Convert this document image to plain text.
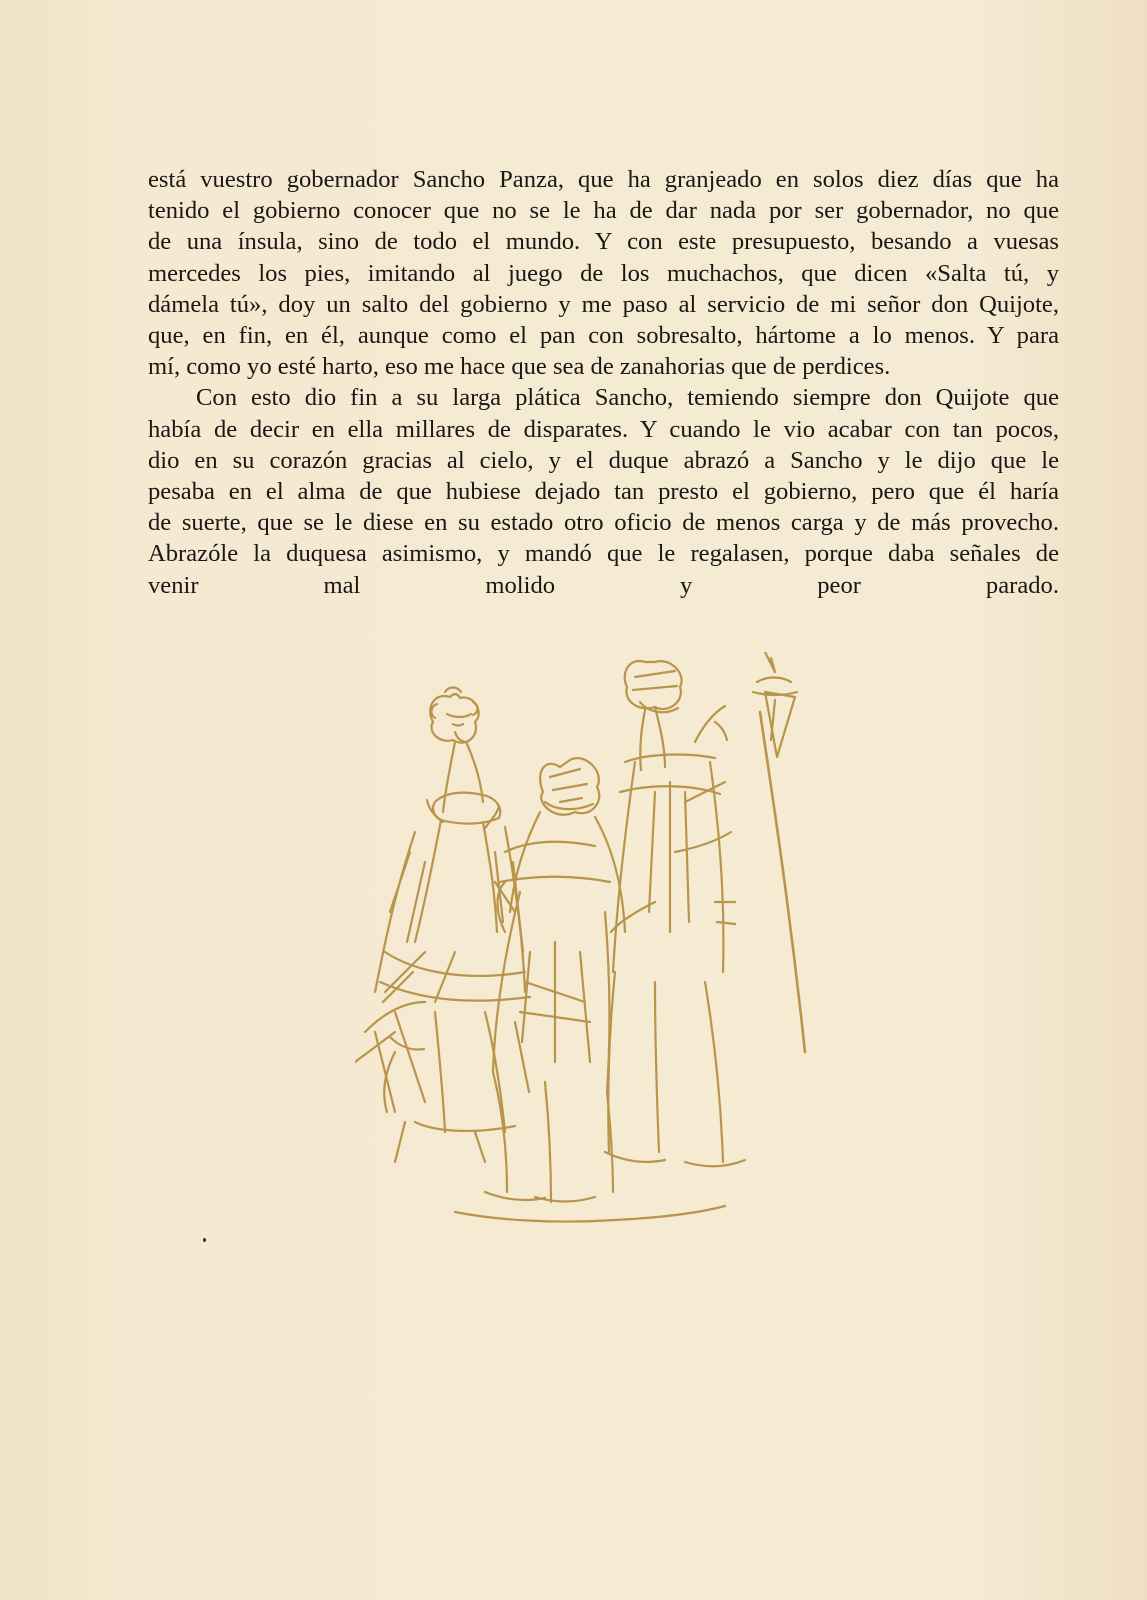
está vuestro gobernador Sancho Panza, que ha granjeado en solos diez días que ha

tenido el gobierno conocer que no se le ha de dar nada por ser gobernador, no que

de una ínsula, sino de todo el mundo. Y con este presupuesto, besando a vuesas

mercedes los pies, imitando al juego de los muchachos, que dicen «Salta tú, y

dámela tú», doy un salto del gobierno y me paso al servicio de mi señor don Quijote,

que, en fin, en él, aunque como el pan con sobresalto, hártome a lo menos. Y para

mí, como yo esté harto, eso me hace que sea de zanahorias que de perdices.

Con esto dio fin a su larga plática Sancho, temiendo siempre don Quijote que

había de decir en ella millares de disparates. Y cuando le vio acabar con tan pocos,

dio en su corazón gracias al cielo, y el duque abrazó a Sancho y le dijo que le

pesaba en el alma de que hubiese dejado tan presto el gobierno, pero que él haría

de suerte, que se le diese en su estado otro oficio de menos carga y de más provecho.

Abrazóle la duquesa asimismo, y mandó que le regalasen, porque daba señales de

venir mal molido y peor parado.
